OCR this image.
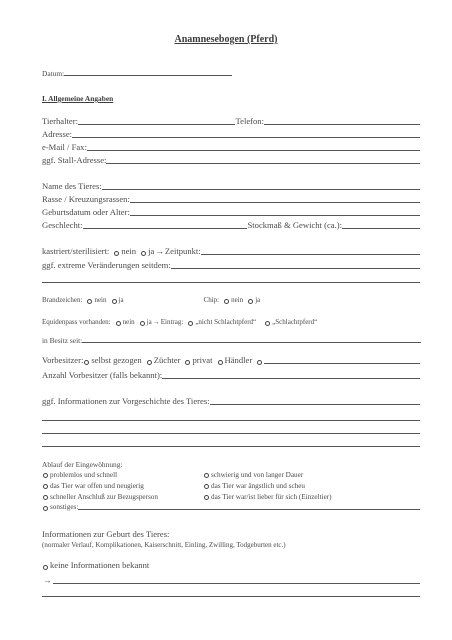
Anamnesebogen (Pferd)
Datum:
I. Allgemeine Angaben
Tierhalter:	Telefon:
Adresse:
e-Mail / Fax:
ggf. Stall-Adresse:
Name des Tieres:
Rasse / Kreuzungsrassen:
Geburtsdatum oder Alter:
Geschlecht:	Stockmaß & Gewicht (ca.):
kastriert/sterilisiert: nein ja → Zeitpunkt:
ggf. extreme Veränderungen seitdem:
Brandzeichen: nein ja	Chip: nein ja
Equidenpass vorhanden: nein ja → Eintrag: „nicht Schlachtpferd“ „Schlachtpferd“
in Besitz seit:
Vorbesitzer: selbst gezogen Züchter privat Händler
Anzahl Vorbesitzer (falls bekannt):
ggf. Informationen zur Vorgeschichte des Tieres:
Ablauf der Eingewöhnung:
problemlos und schnell	schwierig und von langer Dauer
das Tier war offen und neugierig	das Tier war ängstlich und scheu
schneller Anschluß zur Bezugsperson	das Tier war/ist lieber für sich (Einzeltier)
sonstiges:
Informationen zur Geburt des Tieres:
(normaler Verlauf, Komplikationen, Kaiserschnitt, Einling, Zwilling, Todgeburten etc.)
keine Informationen bekannt
→
